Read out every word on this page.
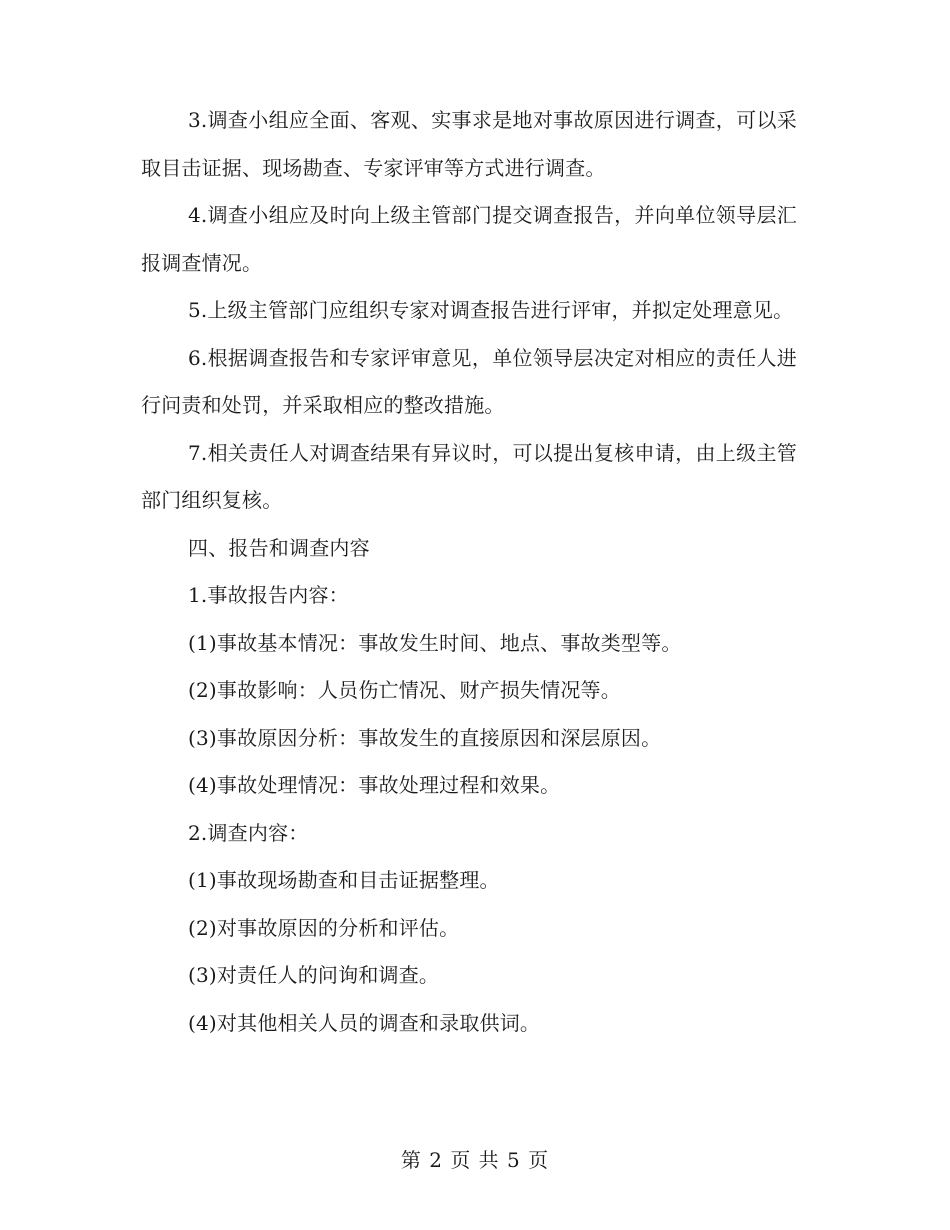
3.调查小组应全面、客观、实事求是地对事故原因进行调查，可以采取目击证据、现场勘查、专家评审等方式进行调查。

4.调查小组应及时向上级主管部门提交调查报告，并向单位领导层汇报调查情况。

5.上级主管部门应组织专家对调查报告进行评审，并拟定处理意见。

6.根据调查报告和专家评审意见，单位领导层决定对相应的责任人进行问责和处罚，并采取相应的整改措施。

7.相关责任人对调查结果有异议时，可以提出复核申请，由上级主管部门组织复核。

四、报告和调查内容

1.事故报告内容：

(1)事故基本情况：事故发生时间、地点、事故类型等。

(2)事故影响：人员伤亡情况、财产损失情况等。

(3)事故原因分析：事故发生的直接原因和深层原因。

(4)事故处理情况：事故处理过程和效果。

2.调查内容：

(1)事故现场勘查和目击证据整理。

(2)对事故原因的分析和评估。

(3)对责任人的问询和调查。

(4)对其他相关人员的调查和录取供词。

第 2 页 共 5 页
